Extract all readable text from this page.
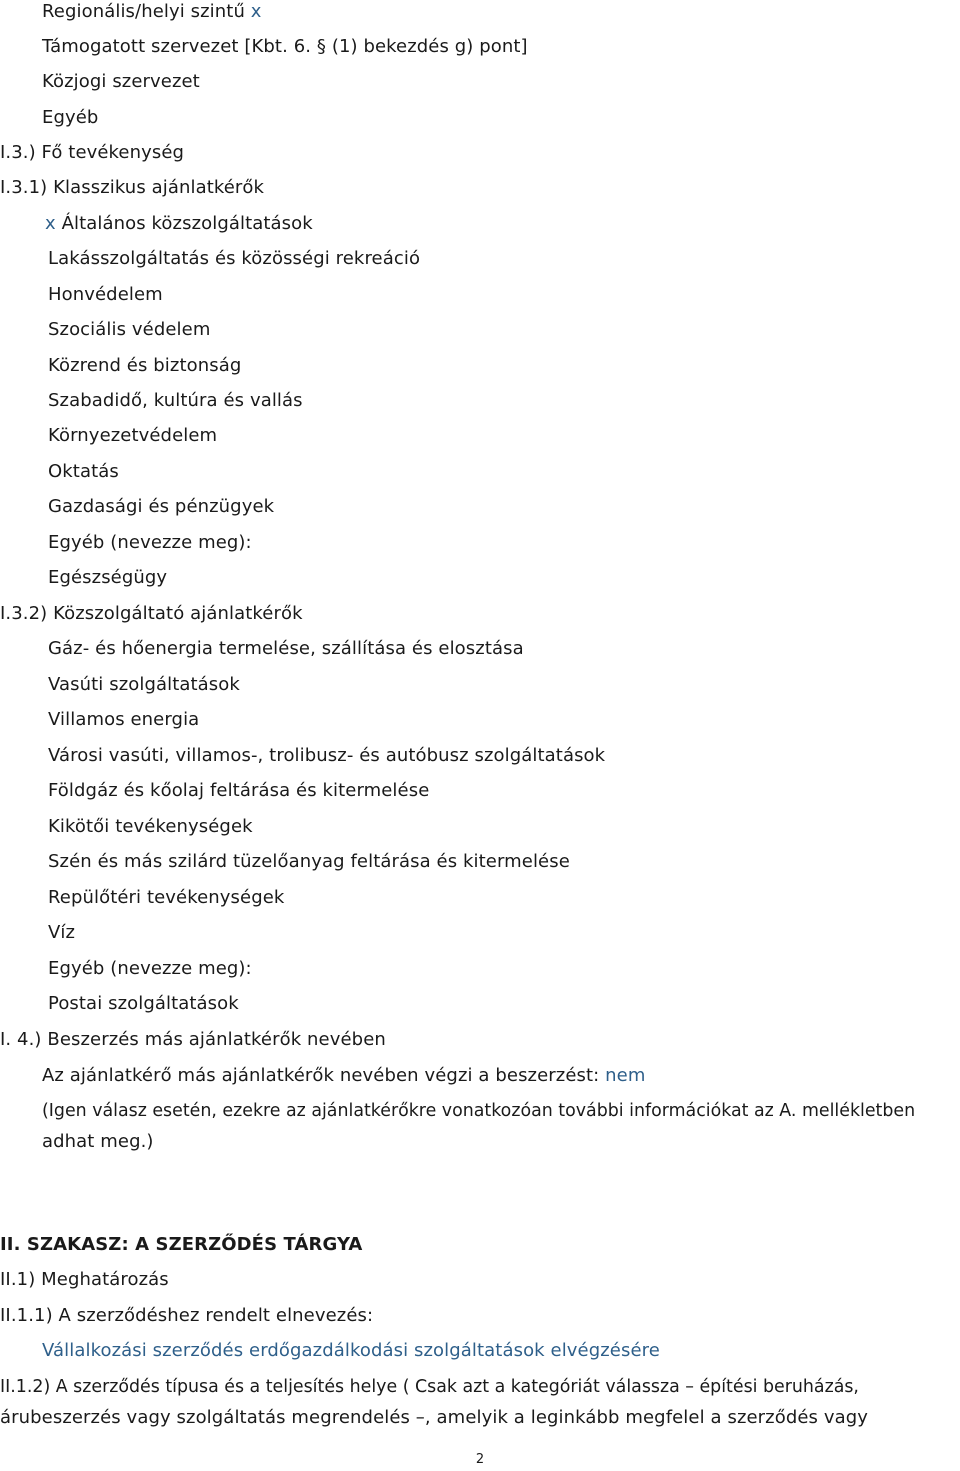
Regionális/helyi szintű x
Támogatott szervezet [Kbt. 6. § (1) bekezdés g) pont]
Közjogi szervezet
Egyéb
I.3.) Fő tevékenység
I.3.1) Klasszikus ajánlatkérők
x Általános közszolgáltatások
Lakásszolgáltatás és közösségi rekreáció
Honvédelem
Szociális védelem
Közrend és biztonság
Szabadidő, kultúra és vallás
Környezetvédelem
Oktatás
Gazdasági és pénzügyek
Egyéb (nevezze meg):
Egészségügy
I.3.2) Közszolgáltató ajánlatkérők
Gáz- és hőenergia termelése, szállítása és elosztása
Vasúti szolgáltatások
Villamos energia
Városi vasúti, villamos-, trolibusz- és autóbusz szolgáltatások
Földgáz és kőolaj feltárása és kitermelése
Kikötői tevékenységek
Szén és más szilárd tüzelőanyag feltárása és kitermelése
Repülőtéri tevékenységek
Víz
Egyéb (nevezze meg):
Postai szolgáltatások
I. 4.) Beszerzés más ajánlatkérők nevében
Az ajánlatkérő más ajánlatkérők nevében végzi a beszerzést: nem
(Igen válasz esetén, ezekre az ajánlatkérőkre vonatkozóan további információkat az A. mellékletben
adhat meg.)
II. SZAKASZ: A SZERZŐDÉS TÁRGYA
II.1) Meghatározás
II.1.1) A szerződéshez rendelt elnevezés:
Vállalkozási szerződés erdőgazdálkodási szolgáltatások elvégzésére
II.1.2) A szerződés típusa és a teljesítés helye ( Csak azt a kategóriát válassza – építési beruházás,
árubeszerzés vagy szolgáltatás megrendelés –, amelyik a leginkább megfelel a szerződés vagy
2
